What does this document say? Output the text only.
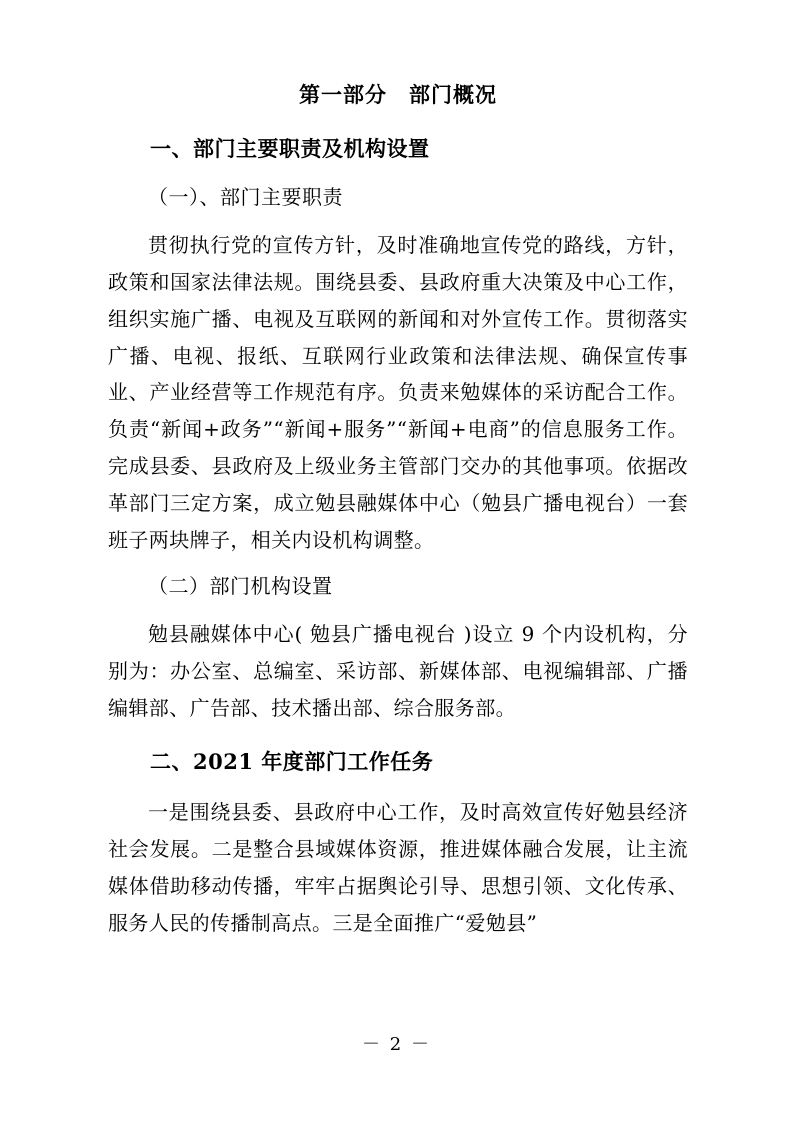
第一部分　部门概况
一、部门主要职责及机构设置

（一）、部门主要职责

贯彻执行党的宣传方针，及时准确地宣传党的路线，方针，政策和国家法律法规。围绕县委、县政府重大决策及中心工作，组织实施广播、电视及互联网的新闻和对外宣传工作。贯彻落实广播、电视、报纸、互联网行业政策和法律法规、确保宣传事业、产业经营等工作规范有序。负责来勉媒体的采访配合工作。负责“新闻+政务”“新闻+服务”“新闻+电商”的信息服务工作。完成县委、县政府及上级业务主管部门交办的其他事项。依据改革部门三定方案，成立勉县融媒体中心（勉县广播电视台）一套班子两块牌子，相关内设机构调整。

（二）部门机构设置

勉县融媒体中心( 勉县广播电视台 )设立 9 个内设机构，分别为：办公室、总编室、采访部、新媒体部、电视编辑部、广播编辑部、广告部、技术播出部、综合服务部。

二、2021 年度部门工作任务

一是围绕县委、县政府中心工作，及时高效宣传好勉县经济社会发展。二是整合县域媒体资源，推进媒体融合发展，让主流媒体借助移动传播，牢牢占据舆论引导、思想引领、文化传承、服务人民的传播制高点。三是全面推广“爱勉县”

－ 2 －
